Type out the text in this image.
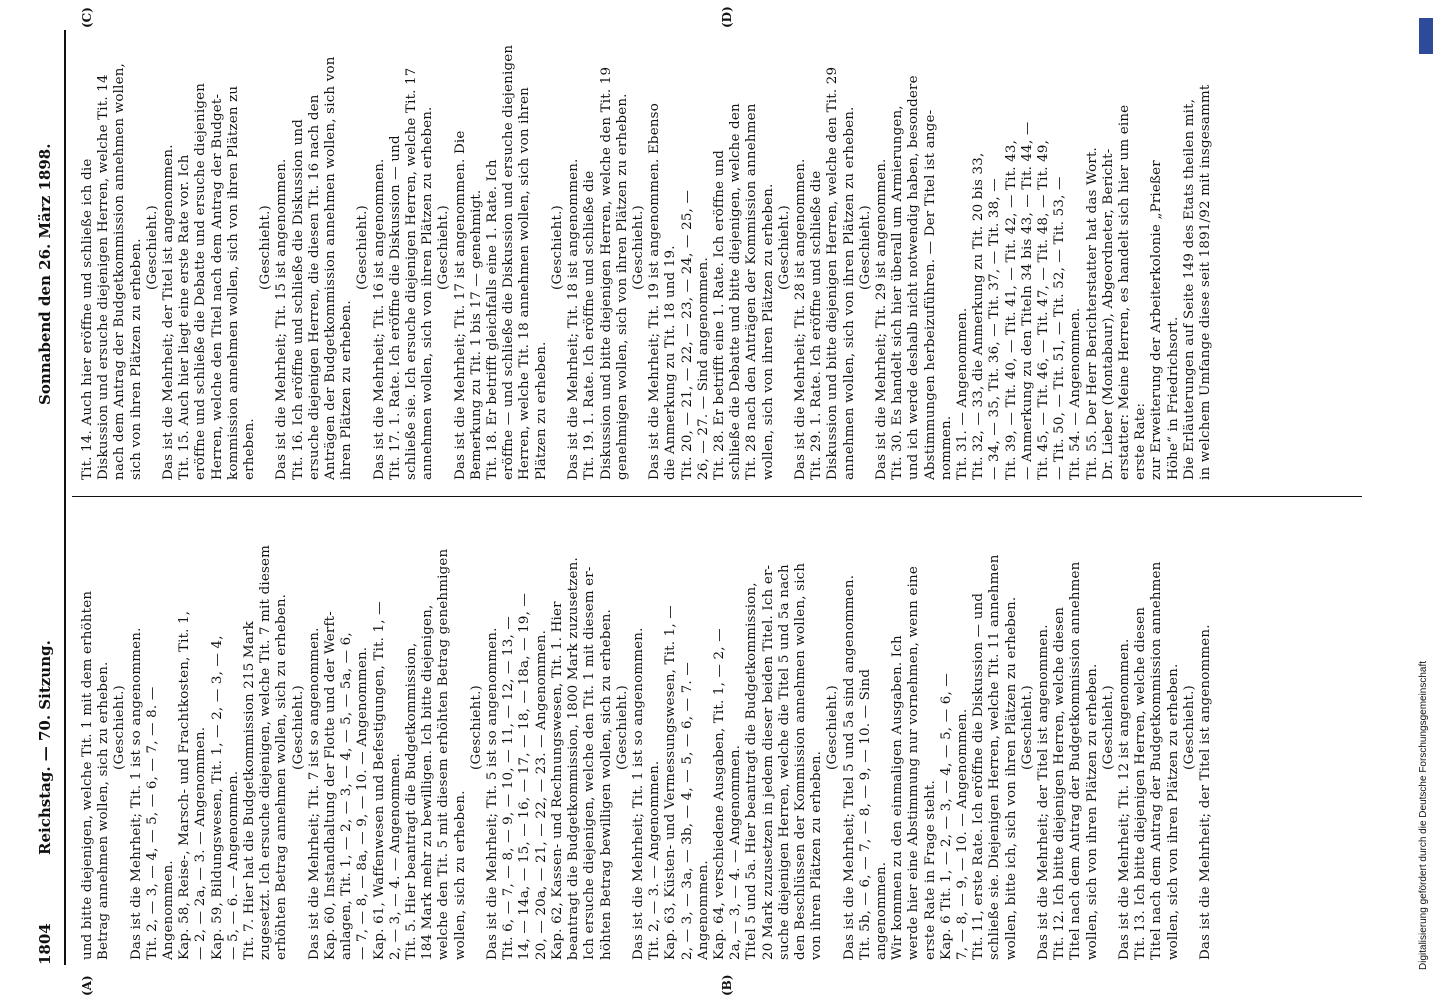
1804
Reichstag. — 70. Sitzung.
Sonnabend den 26. März 1898.
(A)	(B)
(C)	(D)

und bitte diejenigen, welche Tit. 1 mit dem erhöhten Betrag annehmen wollen, sich zu erheben. (Geschieht.) Das ist die Mehrheit; Tit. 1 ist so angenommen. Tit. 2, — 3, — 4, — 5, — 6, — 7, — 8. — Angenommen. Kap. 58, Reise-, Marsch- und Frachtkosten, Tit. 1, — 2, — 2a, — 3. — Angenommen. Kap. 59, Bildungswesen, Tit. 1, — 2, — 3, — 4, — 5, — 6. — Angenommen. Tit. 7. Hier hat die Budgetkommission 215 Mark zugesetzt. Ich ersuche diejenigen, welche Tit. 7 mit diesem erhöhten Betrag annehmen wollen, sich zu erheben. (Geschieht.) Das ist die Mehrheit; Tit. 7 ist so angenommen. Kap. 60, Instandhaltung der Flotte und der Werft- anlagen, Tit. 1, — 2, — 3, — 4, — 5, — 5a, — 6, — 7, — 8, — 8a, — 9, — 10. — Angenommen. Kap. 61, Waffenwesen und Befestigungen, Tit. 1, — 2, — 3, — 4. — Angenommen. Tit. 5. Hier beantragt die Budgetkommission, 184 Mark mehr zu bewilligen. Ich bitte diejenigen, welche den Tit. 5 mit diesem erhöhten Betrag genehmigen wollen, sich zu erheben.

(Geschieht.) Das ist die Mehrheit; Tit. 5 ist so angenommen. Tit. 6, — 7, — 8, — 9, — 10, — 11, — 12, — 13, — 14, — 14a, — 15, — 16, — 17, — 18, — 18a, — 19, — 20, — 20a, — 21, — 22, — 23. — Angenommen. Kap. 62, Kassen- und Rechnungswesen, Tit. 1. Hier beantragt die Budgetkommission, 1800 Mark zuzusetzen. Ich ersuche diejenigen, welche den Tit. 1 mit diesem er- höhten Betrag bewilligen wollen, sich zu erheben. (Geschieht.) Das ist die Mehrheit; Tit. 1 ist so angenommen. Tit. 2, — 3. — Angenommen. Kap. 63, Küsten- und Vermessungswesen, Tit. 1, — 2, — 3, — 3a, — 3b, — 4, — 5, — 6, — 7. — Angenommen. Kap. 64, verschiedene Ausgaben, Tit. 1, — 2, — 2a, — 3, — 4. — Angenommen. Titel 5 und 5a. Hier beantragt die Budgetkommission, 20 Mark zuzusetzen in jedem dieser beiden Titel. Ich er- suche diejenigen Herren, welche die Titel 5 und 5a nach den Beschlüssen der Kommission annehmen wollen, sich von ihren Plätzen zu erheben.

(Geschieht.) Das ist die Mehrheit; Titel 5 und 5a sind angenommen. Tit. 5b, — 6, — 7, — 8, — 9, — 10. — Sind angenommen. Wir kommen zu den einmaligen Ausgaben. Ich werde hier eine Abstimmung nur vornehmen, wenn eine erste Rate in Frage steht. Kap. 6 Tit. 1, — 2, — 3, — 4, — 5, — 6, — 7, — 8, — 9, — 10. — Angenommen. Tit. 11, erste Rate. Ich eröffne die Diskussion — und schließe sie. Diejenigen Herren, welche Tit. 11 annehmen wollen, bitte ich, sich von ihren Plätzen zu erheben. (Geschieht.) Das ist die Mehrheit; der Titel ist angenommen. Tit. 12. Ich bitte diejenigen Herren, welche diesen Titel nach dem Antrag der Budgetkommission annehmen wollen, sich von ihren Plätzen zu erheben. (Geschieht.) Das ist die Mehrheit; Tit. 12 ist angenommen. Tit. 13. Ich bitte diejenigen Herren, welche diesen Titel nach dem Antrag der Budgetkommission annehmen wollen, sich von ihren Plätzen zu erheben. (Geschieht.) Das ist die Mehrheit; der Titel ist angenommen.

Tit. 14. Auch hier eröffne und schließe ich die Diskussion und ersuche diejenigen Herren, welche Tit. 14 nach dem Antrag der Budgetkommission annehmen wollen, sich von ihren Plätzen zu erheben. (Geschieht.) Das ist die Mehrheit; der Titel ist angenommen. Tit. 15. Auch hier liegt eine erste Rate vor. Ich eröffne und schließe die Debatte und ersuche diejenigen Herren, welche den Titel nach dem Antrag der Budget- kommission annehmen wollen, sich von ihren Plätzen zu erheben.

(Geschieht.) Das ist die Mehrheit; Tit. 15 ist angenommen. Tit. 16. Ich eröffne und schließe die Diskussion und ersuche diejenigen Herren, die diesen Tit. 16 nach den Anträgen der Budgetkommission annehmen wollen, sich von ihren Plätzen zu erheben.

(Geschieht.) Das ist die Mehrheit; Tit. 16 ist angenommen. Tit. 17. 1. Rate. Ich eröffne die Diskussion — und schließe sie. Ich ersuche diejenigen Herren, welche Tit. 17 annehmen wollen, sich von ihren Plätzen zu erheben. (Geschieht.) Das ist die Mehrheit; Tit. 17 ist angenommen. Die Bemerkung zu Tit. 1 bis 17 — genehmigt. Tit. 18. Er betrifft gleichfalls eine 1. Rate. Ich eröffne — und schließe die Diskussion und ersuche diejenigen Herren, welche Tit. 18 annehmen wollen, sich von ihren Plätzen zu erheben.

(Geschieht.) Das ist die Mehrheit; Tit. 18 ist angenommen. Tit. 19. 1. Rate. Ich eröffne und schließe die Diskussion und bitte diejenigen Herren, welche den Tit. 19 genehmigen wollen, sich von ihren Plätzen zu erheben. (Geschieht.) Das ist die Mehrheit; Tit. 19 ist angenommen. Ebenso die Anmerkung zu Tit. 18 und 19. Tit. 20, — 21, — 22, — 23, — 24, — 25, — 26, — 27. — Sind angenommen. Tit. 28. Er betrifft eine 1. Rate. Ich eröffne und schließe die Debatte und bitte diejenigen, welche den Tit. 28 nach den Anträgen der Kommission annehmen wollen, sich von ihren Plätzen zu erheben. (Geschieht.) Das ist die Mehrheit; Tit. 28 ist angenommen. Tit. 29. 1. Rate. Ich eröffne und schließe die Diskussion und bitte diejenigen Herren, welche den Tit. 29 annehmen wollen, sich von ihren Plätzen zu erheben. (Geschieht.) Das ist die Mehrheit; Tit. 29 ist angenommen. Tit. 30. Es handelt sich hier überall um Armierungen, und ich werde deshalb nicht notwendig haben, besondere Abstimmungen herbeizuführen. — Der Titel ist ange- nommen. Tit. 31. — Angenommen. Tit. 32, — 33, die Anmerkung zu Tit. 20 bis 33, — 34, — 35, Tit. 36, — Tit. 37, — Tit. 38, — Tit. 39, — Tit. 40, — Tit. 41, — Tit. 42, — Tit. 43, — Anmerkung zu den Titeln 34 bis 43, — Tit. 44, — Tit. 45, — Tit. 46, — Tit. 47, — Tit. 48, — Tit. 49, — Tit. 50, — Tit. 51, — Tit. 52, — Tit. 53, — Tit. 54. — Angenommen. Tit. 55. Der Herr Berichterstatter hat das Wort. Dr. Lieber (Montabaur), Abgeordneter, Bericht- erstatter: Meine Herren, es handelt sich hier um eine erste Rate: zur Erweiterung der Arbeiterkolonie „Prießer Höhe“ in Friedrichsort. Die Erläuterungen auf Seite 149 des Etats theilen mit, in welchem Umfange diese seit 1891/92 mit insgesammt

DFG
Digitalisierung gefördert durch die Deutsche Forschungsgemeinschaft
